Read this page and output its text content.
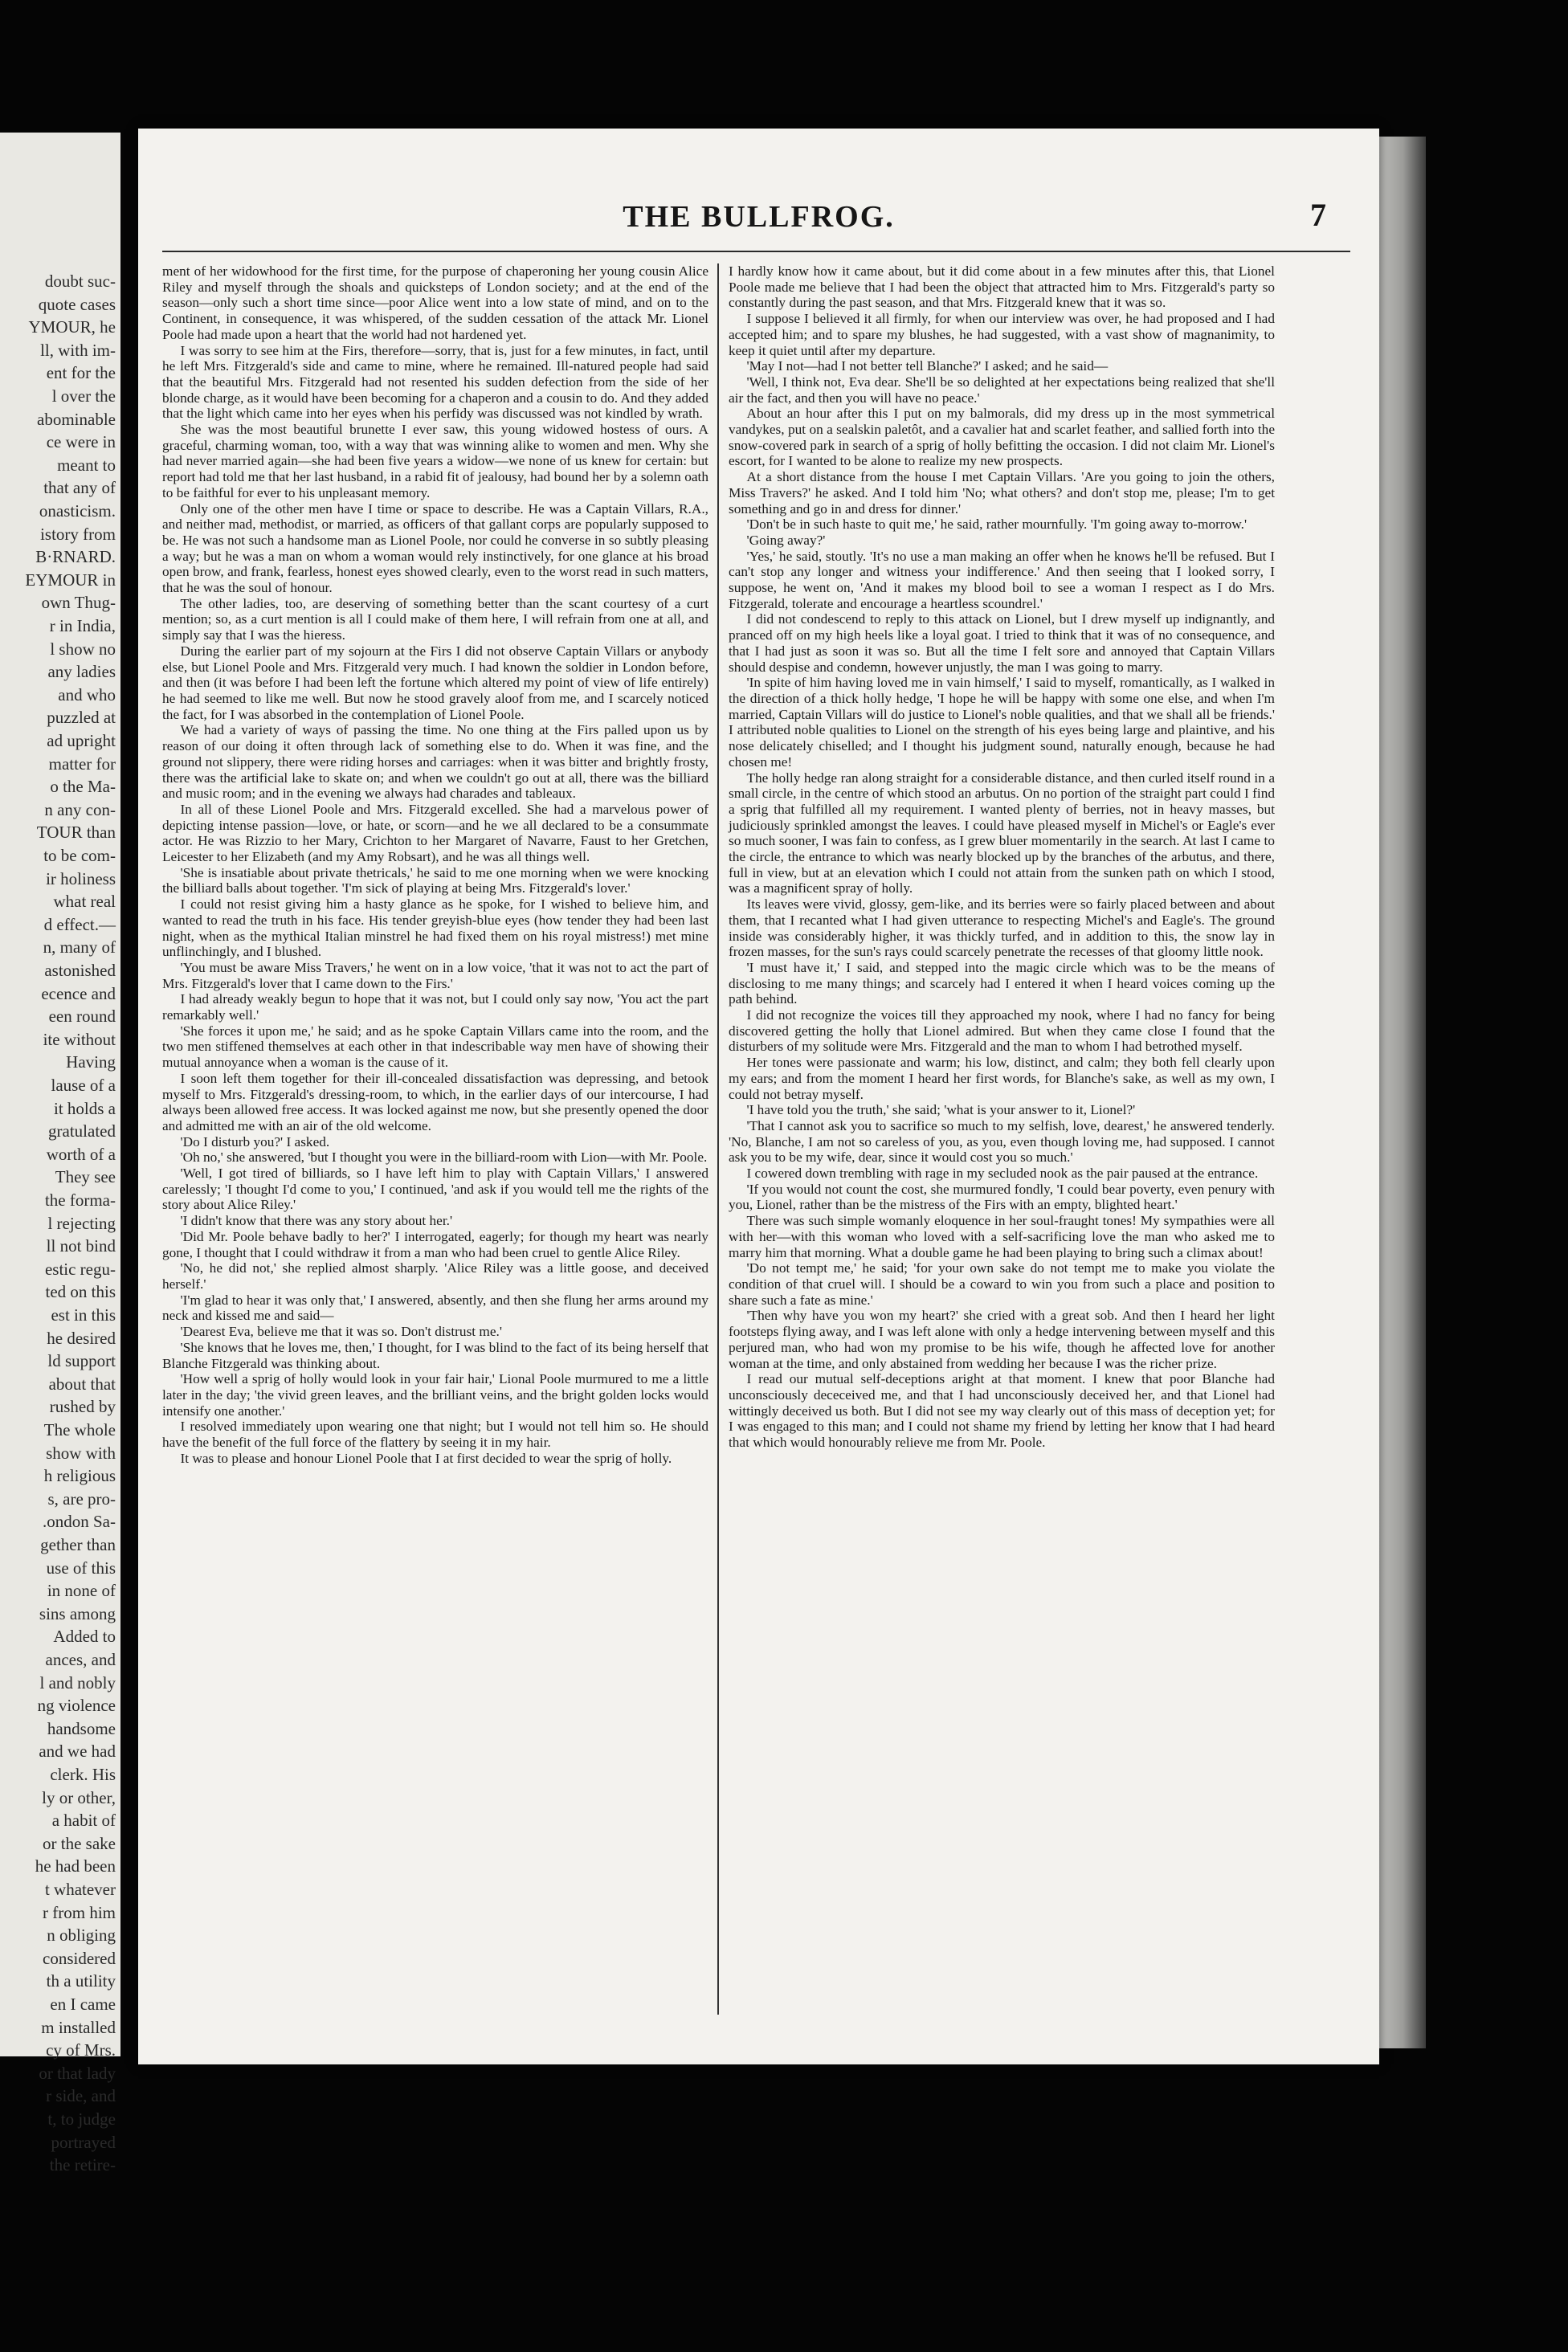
doubt suc-
quote cases
YMOUR, he
ll, with im-
ent for the
l over the
abominable
ce were in
meant to
that any of
onasticism.
istory from
B·RNARD.
EYMOUR in
own Thug-
r in India,
l show no
any ladies
and who
puzzled at
ad upright
matter for
o the Ma-
n any con-
TOUR than
to be com-
ir holiness
what real
d effect.—
n, many of
astonished
ecence and
een round
ite without
Having
lause of a
it holds a
gratulated
worth of a
They see
the forma-
l rejecting
ll not bind
estic regu-
ted on this
est in this
he desired
ld support
about that
rushed by
The whole
show with
h religious
s, are pro-
.ondon Sa-
gether than
use of this
in none of
sins among
Added to
ances, and
l and nobly
ng violence
handsome
and we had
clerk. His
ly or other,
a habit of
or the sake
he had been
t whatever
r from him
n obliging
considered
th a utility
en I came
m installed
cy of Mrs.
or that lady
r side, and
t, to judge
portrayed
the retire-
THE BULLFROG.	7

ment of her widowhood for the first time, for the purpose of chaperoning her young cousin Alice Riley and myself through the shoals and quicksteps of London society; and at the end of the season—only such a short time since—poor Alice went into a low state of mind, and on to the Continent, in consequence, it was whispered, of the sudden cessation of the attack Mr. Lionel Poole had made upon a heart that the world had not hardened yet.

I was sorry to see him at the Firs, therefore—sorry, that is, just for a few minutes, in fact, until he left Mrs. Fitzgerald's side and came to mine, where he remained. Ill-natured people had said that the beautiful Mrs. Fitzgerald had not resented his sudden defection from the side of her blonde charge, as it would have been becoming for a chaperon and a cousin to do. And they added that the light which came into her eyes when his perfidy was discussed was not kindled by wrath.

She was the most beautiful brunette I ever saw, this young widowed hostess of ours. A graceful, charming woman, too, with a way that was winning alike to women and men. Why she had never married again—she had been five years a widow—we none of us knew for certain: but report had told me that her last husband, in a rabid fit of jealousy, had bound her by a solemn oath to be faithful for ever to his unpleasant memory.

Only one of the other men have I time or space to describe. He was a Captain Villars, R.A., and neither mad, methodist, or married, as officers of that gallant corps are popularly supposed to be. He was not such a handsome man as Lionel Poole, nor could he converse in so subtly pleasing a way; but he was a man on whom a woman would rely instinctively, for one glance at his broad open brow, and frank, fearless, honest eyes showed clearly, even to the worst read in such matters, that he was the soul of honour.

The other ladies, too, are deserving of something better than the scant courtesy of a curt mention; so, as a curt mention is all I could make of them here, I will refrain from one at all, and simply say that I was the hieress.

During the earlier part of my sojourn at the Firs I did not observe Captain Villars or anybody else, but Lionel Poole and Mrs. Fitzgerald very much. I had known the soldier in London before, and then (it was before I had been left the fortune which altered my point of view of life entirely) he had seemed to like me well. But now he stood gravely aloof from me, and I scarcely noticed the fact, for I was absorbed in the contemplation of Lionel Poole.

We had a variety of ways of passing the time. No one thing at the Firs palled upon us by reason of our doing it often through lack of something else to do. When it was fine, and the ground not slippery, there were riding horses and carriages: when it was bitter and brightly frosty, there was the artificial lake to skate on; and when we couldn't go out at all, there was the billiard and music room; and in the evening we always had charades and tableaux.

In all of these Lionel Poole and Mrs. Fitzgerald excelled. She had a marvelous power of depicting intense passion—love, or hate, or scorn—and he we all declared to be a consummate actor. He was Rizzio to her Mary, Crichton to her Margaret of Navarre, Faust to her Gretchen, Leicester to her Elizabeth (and my Amy Robsart), and he was all things well.

'She is insatiable about private thetricals,' he said to me one morning when we were knocking the billiard balls about together. 'I'm sick of playing at being Mrs. Fitzgerald's lover.'

I could not resist giving him a hasty glance as he spoke, for I wished to believe him, and wanted to read the truth in his face. His tender greyish-blue eyes (how tender they had been last night, when as the mythical Italian minstrel he had fixed them on his royal mistress!) met mine unflinchingly, and I blushed.

'You must be aware Miss Travers,' he went on in a low voice, 'that it was not to act the part of Mrs. Fitzgerald's lover that I came down to the Firs.'

I had already weakly begun to hope that it was not, but I could only say now, 'You act the part remarkably well.'

'She forces it upon me,' he said; and as he spoke Captain Villars came into the room, and the two men stiffened themselves at each other in that indescribable way men have of showing their mutual annoyance when a woman is the cause of it.

I soon left them together for their ill-concealed dissatisfaction was depressing, and betook myself to Mrs. Fitzgerald's dressing-room, to which, in the earlier days of our intercourse, I had always been allowed free access. It was locked against me now, but she presently opened the door and admitted me with an air of the old welcome.

'Do I disturb you?' I asked.

'Oh no,' she answered, 'but I thought you were in the billiard-room with Lion—with Mr. Poole.

'Well, I got tired of billiards, so I have left him to play with Captain Villars,' I answered carelessly; 'I thought I'd come to you,' I continued, 'and ask if you would tell me the rights of the story about Alice Riley.'

'I didn't know that there was any story about her.'

'Did Mr. Poole behave badly to her?' I interrogated, eagerly; for though my heart was nearly gone, I thought that I could withdraw it from a man who had been cruel to gentle Alice Riley.

'No, he did not,' she replied almost sharply. 'Alice Riley was a little goose, and deceived herself.'

'I'm glad to hear it was only that,' I answered, absently, and then she flung her arms around my neck and kissed me and said—

'Dearest Eva, believe me that it was so. Don't distrust me.'

'She knows that he loves me, then,' I thought, for I was blind to the fact of its being herself that Blanche Fitzgerald was thinking about.

'How well a sprig of holly would look in your fair hair,' Lional Poole murmured to me a little later in the day; 'the vivid green leaves, and the brilliant veins, and the bright golden locks would intensify one another.'

I resolved immediately upon wearing one that night; but I would not tell him so. He should have the benefit of the full force of the flattery by seeing it in my hair.

It was to please and honour Lionel Poole that I at first decided to wear the sprig of holly.

I hardly know how it came about, but it did come about in a few minutes after this, that Lionel Poole made me believe that I had been the object that attracted him to Mrs. Fitzgerald's party so constantly during the past season, and that Mrs. Fitzgerald knew that it was so.

I suppose I believed it all firmly, for when our interview was over, he had proposed and I had accepted him; and to spare my blushes, he had suggested, with a vast show of magnanimity, to keep it quiet until after my departure.

'May I not—had I not better tell Blanche?' I asked; and he said—

'Well, I think not, Eva dear. She'll be so delighted at her expectations being realized that she'll air the fact, and then you will have no peace.'

About an hour after this I put on my balmorals, did my dress up in the most symmetrical vandykes, put on a sealskin paletôt, and a cavalier hat and scarlet feather, and sallied forth into the snow-covered park in search of a sprig of holly befitting the occasion. I did not claim Mr. Lionel's escort, for I wanted to be alone to realize my new prospects.

At a short distance from the house I met Captain Villars. 'Are you going to join the others, Miss Travers?' he asked. And I told him 'No; what others? and don't stop me, please; I'm to get something and go in and dress for dinner.'

'Don't be in such haste to quit me,' he said, rather mournfully. 'I'm going away to-morrow.'

'Going away?'

'Yes,' he said, stoutly. 'It's no use a man making an offer when he knows he'll be refused. But I can't stop any longer and witness your indifference.' And then seeing that I looked sorry, I suppose, he went on, 'And it makes my blood boil to see a woman I respect as I do Mrs. Fitzgerald, tolerate and encourage a heartless scoundrel.'

I did not condescend to reply to this attack on Lionel, but I drew myself up indignantly, and pranced off on my high heels like a loyal goat. I tried to think that it was of no consequence, and that I had just as soon it was so. But all the time I felt sore and annoyed that Captain Villars should despise and condemn, however unjustly, the man I was going to marry.

'In spite of him having loved me in vain himself,' I said to myself, romantically, as I walked in the direction of a thick holly hedge, 'I hope he will be happy with some one else, and when I'm married, Captain Villars will do justice to Lionel's noble qualities, and that we shall all be friends.' I attributed noble qualities to Lionel on the strength of his eyes being large and plaintive, and his nose delicately chiselled; and I thought his judgment sound, naturally enough, because he had chosen me!

The holly hedge ran along straight for a considerable distance, and then curled itself round in a small circle, in the centre of which stood an arbutus. On no portion of the straight part could I find a sprig that fulfilled all my requirement. I wanted plenty of berries, not in heavy masses, but judiciously sprinkled amongst the leaves. I could have pleased myself in Michel's or Eagle's ever so much sooner, I was fain to confess, as I grew bluer momentarily in the search. At last I came to the circle, the entrance to which was nearly blocked up by the branches of the arbutus, and there, full in view, but at an elevation which I could not attain from the sunken path on which I stood, was a magnificent spray of holly.

Its leaves were vivid, glossy, gem-like, and its berries were so fairly placed between and about them, that I recanted what I had given utterance to respecting Michel's and Eagle's. The ground inside was considerably higher, it was thickly turfed, and in addition to this, the snow lay in frozen masses, for the sun's rays could scarcely penetrate the recesses of that gloomy little nook.

'I must have it,' I said, and stepped into the magic circle which was to be the means of disclosing to me many things; and scarcely had I entered it when I heard voices coming up the path behind.

I did not recognize the voices till they approached my nook, where I had no fancy for being discovered getting the holly that Lionel admired. But when they came close I found that the disturbers of my solitude were Mrs. Fitzgerald and the man to whom I had betrothed myself.

Her tones were passionate and warm; his low, distinct, and calm; they both fell clearly upon my ears; and from the moment I heard her first words, for Blanche's sake, as well as my own, I could not betray myself.

'I have told you the truth,' she said; 'what is your answer to it, Lionel?'

'That I cannot ask you to sacrifice so much to my selfish, love, dearest,' he answered tenderly. 'No, Blanche, I am not so careless of you, as you, even though loving me, had supposed. I cannot ask you to be my wife, dear, since it would cost you so much.'

I cowered down trembling with rage in my secluded nook as the pair paused at the entrance.

'If you would not count the cost, she murmured fondly, 'I could bear poverty, even penury with you, Lionel, rather than be the mistress of the Firs with an empty, blighted heart.'

There was such simple womanly eloquence in her soul-fraught tones! My sympathies were all with her—with this woman who loved with a self-sacrificing love the man who asked me to marry him that morning. What a double game he had been playing to bring such a climax about!

'Do not tempt me,' he said; 'for your own sake do not tempt me to make you violate the condition of that cruel will. I should be a coward to win you from such a place and position to share such a fate as mine.'

'Then why have you won my heart?' she cried with a great sob. And then I heard her light footsteps flying away, and I was left alone with only a hedge intervening between myself and this perjured man, who had won my promise to be his wife, though he affected love for another woman at the time, and only abstained from wedding her because I was the richer prize.

I read our mutual self-deceptions aright at that moment. I knew that poor Blanche had unconsciously dececeived me, and that I had unconsciously deceived her, and that Lionel had wittingly deceived us both. But I did not see my way clearly out of this mass of deception yet; for I was engaged to this man; and I could not shame my friend by letting her know that I had heard that which would honourably relieve me from Mr. Poole.
